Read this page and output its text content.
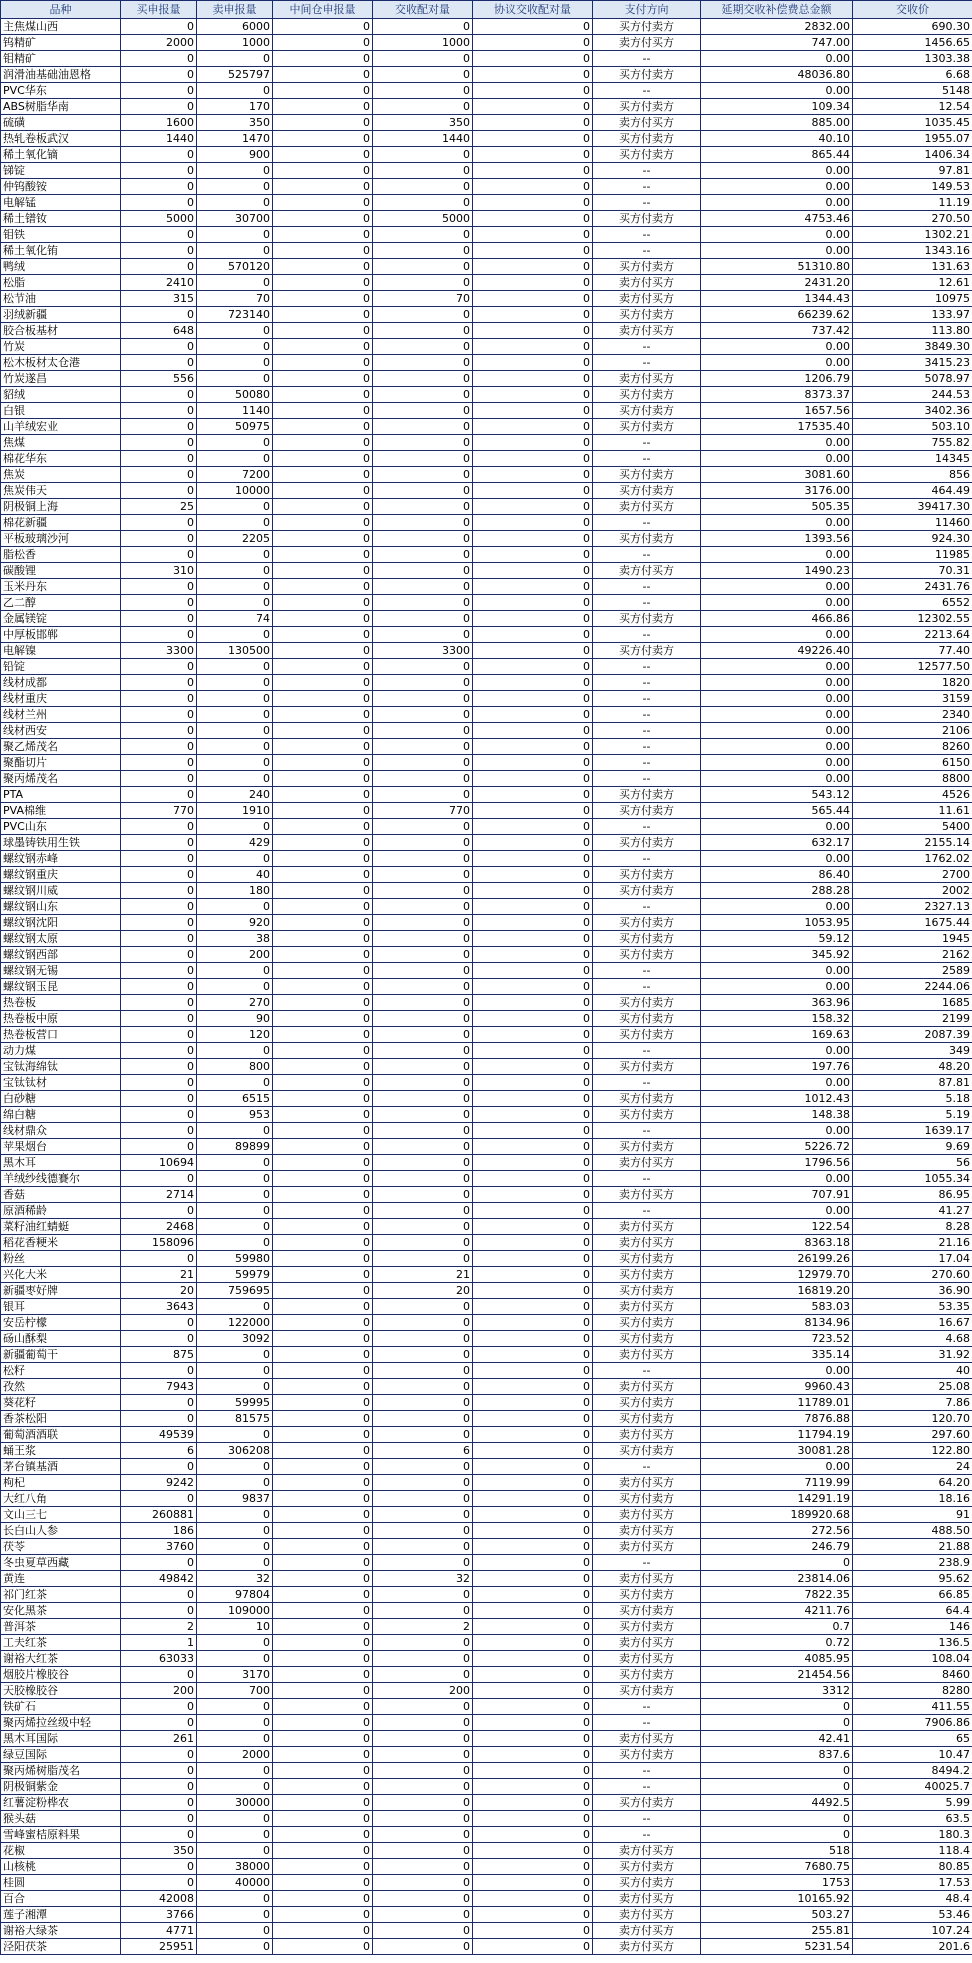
品种	买申报量	卖申报量	中间仓申报量	交收配对量	协议交收配对量	支付方向	延期交收补偿费总金额	交收价
主焦煤山西	0	6000	0	0	0	买方付卖方	2832.00	690.30
钨精矿	2000	1000	0	1000	0	卖方付买方	747.00	1456.65
钼精矿	0	0	0	0	0	--	0.00	1303.38
润滑油基础油恩格	0	525797	0	0	0	买方付卖方	48036.80	6.68
PVC华东	0	0	0	0	0	--	0.00	5148
ABS树脂华南	0	170	0	0	0	买方付卖方	109.34	12.54
硫磺	1600	350	0	350	0	卖方付买方	885.00	1035.45
热轧卷板武汉	1440	1470	0	1440	0	买方付卖方	40.10	1955.07
稀土氧化镝	0	900	0	0	0	买方付卖方	865.44	1406.34
锑锭	0	0	0	0	0	--	0.00	97.81
仲钨酸铵	0	0	0	0	0	--	0.00	149.53
电解锰	0	0	0	0	0	--	0.00	11.19
稀土镨钕	5000	30700	0	5000	0	买方付卖方	4753.46	270.50
钼铁	0	0	0	0	0	--	0.00	1302.21
稀土氧化铕	0	0	0	0	0	--	0.00	1343.16
鸭绒	0	570120	0	0	0	买方付卖方	51310.80	131.63
松脂	2410	0	0	0	0	卖方付买方	2431.20	12.61
松节油	315	70	0	70	0	卖方付买方	1344.43	10975
羽绒新疆	0	723140	0	0	0	买方付卖方	66239.62	133.97
胶合板基材	648	0	0	0	0	卖方付买方	737.42	113.80
竹炭	0	0	0	0	0	--	0.00	3849.30
松木板材太仓港	0	0	0	0	0	--	0.00	3415.23
竹炭遂昌	556	0	0	0	0	卖方付买方	1206.79	5078.97
貂绒	0	50080	0	0	0	买方付卖方	8373.37	244.53
白银	0	1140	0	0	0	买方付卖方	1657.56	3402.36
山羊绒宏业	0	50975	0	0	0	买方付卖方	17535.40	503.10
焦煤	0	0	0	0	0	--	0.00	755.82
棉花华东	0	0	0	0	0	--	0.00	14345
焦炭	0	7200	0	0	0	买方付卖方	3081.60	856
焦炭伟天	0	10000	0	0	0	买方付卖方	3176.00	464.49
阴极铜上海	25	0	0	0	0	卖方付买方	505.35	39417.30
棉花新疆	0	0	0	0	0	--	0.00	11460
平板玻璃沙河	0	2205	0	0	0	买方付卖方	1393.56	924.30
脂松香	0	0	0	0	0	--	0.00	11985
碳酸锂	310	0	0	0	0	卖方付买方	1490.23	70.31
玉米丹东	0	0	0	0	0	--	0.00	2431.76
乙二醇	0	0	0	0	0	--	0.00	6552
金属镁锭	0	74	0	0	0	买方付卖方	466.86	12302.55
中厚板邯郸	0	0	0	0	0	--	0.00	2213.64
电解镍	3300	130500	0	3300	0	买方付卖方	49226.40	77.40
铅锭	0	0	0	0	0	--	0.00	12577.50
线材成都	0	0	0	0	0	--	0.00	1820
线材重庆	0	0	0	0	0	--	0.00	3159
线材兰州	0	0	0	0	0	--	0.00	2340
线材西安	0	0	0	0	0	--	0.00	2106
聚乙烯茂名	0	0	0	0	0	--	0.00	8260
聚酯切片	0	0	0	0	0	--	0.00	6150
聚丙烯茂名	0	0	0	0	0	--	0.00	8800
PTA	0	240	0	0	0	买方付卖方	543.12	4526
PVA棉维	770	1910	0	770	0	买方付卖方	565.44	11.61
PVC山东	0	0	0	0	0	--	0.00	5400
球墨铸铁用生铁	0	429	0	0	0	买方付卖方	632.17	2155.14
螺纹钢赤峰	0	0	0	0	0	--	0.00	1762.02
螺纹钢重庆	0	40	0	0	0	买方付卖方	86.40	2700
螺纹钢川威	0	180	0	0	0	买方付卖方	288.28	2002
螺纹钢山东	0	0	0	0	0	--	0.00	2327.13
螺纹钢沈阳	0	920	0	0	0	买方付卖方	1053.95	1675.44
螺纹钢太原	0	38	0	0	0	买方付卖方	59.12	1945
螺纹钢西部	0	200	0	0	0	买方付卖方	345.92	2162
螺纹钢无锡	0	0	0	0	0	--	0.00	2589
螺纹钢玉昆	0	0	0	0	0	--	0.00	2244.06
热卷板	0	270	0	0	0	买方付卖方	363.96	1685
热卷板中原	0	90	0	0	0	买方付卖方	158.32	2199
热卷板营口	0	120	0	0	0	买方付卖方	169.63	2087.39
动力煤	0	0	0	0	0	--	0.00	349
宝钛海绵钛	0	800	0	0	0	买方付卖方	197.76	48.20
宝钛钛材	0	0	0	0	0	--	0.00	87.81
白砂糖	0	6515	0	0	0	买方付卖方	1012.43	5.18
绵白糖	0	953	0	0	0	买方付卖方	148.38	5.19
线材鼎众	0	0	0	0	0	--	0.00	1639.17
苹果烟台	0	89899	0	0	0	买方付卖方	5226.72	9.69
黑木耳	10694	0	0	0	0	卖方付买方	1796.56	56
羊绒纱线德賽尔	0	0	0	0	0	--	0.00	1055.34
香菇	2714	0	0	0	0	卖方付买方	707.91	86.95
原酒稀龄	0	0	0	0	0	--	0.00	41.27
菜籽油红蜻蜓	2468	0	0	0	0	卖方付买方	122.54	8.28
稻花香粳米	158096	0	0	0	0	卖方付买方	8363.18	21.16
粉丝	0	59980	0	0	0	买方付卖方	26199.26	17.04
兴化大米	21	59979	0	21	0	买方付卖方	12979.70	270.60
新疆枣好牌	20	759695	0	20	0	买方付卖方	16819.20	36.90
银耳	3643	0	0	0	0	卖方付买方	583.03	53.35
安岳柠檬	0	122000	0	0	0	买方付卖方	8134.96	16.67
砀山酥梨	0	3092	0	0	0	买方付卖方	723.52	4.68
新疆葡萄干	875	0	0	0	0	卖方付买方	335.14	31.92
松籽	0	0	0	0	0	--	0.00	40
孜然	7943	0	0	0	0	卖方付买方	9960.43	25.08
葵花籽	0	59995	0	0	0	买方付卖方	11789.01	7.86
香茶松阳	0	81575	0	0	0	买方付卖方	7876.88	120.70
葡萄酒酒联	49539	0	0	0	0	卖方付买方	11794.19	297.60
蛹王浆	6	306208	0	6	0	买方付卖方	30081.28	122.80
茅台镇基酒	0	0	0	0	0	--	0.00	24
枸杞	9242	0	0	0	0	卖方付买方	7119.99	64.20
大红八角	0	9837	0	0	0	买方付卖方	14291.19	18.16
文山三七	260881	0	0	0	0	卖方付买方	189920.68	91
长白山人参	186	0	0	0	0	卖方付买方	272.56	488.50
茯苓	3760	0	0	0	0	卖方付买方	246.79	21.88
冬虫夏草西藏	0	0	0	0	0	--	0	238.9
黄连	49842	32	0	32	0	卖方付买方	23814.06	95.62
祁门红茶	0	97804	0	0	0	买方付卖方	7822.35	66.85
安化黑茶	0	109000	0	0	0	买方付卖方	4211.76	64.4
普洱茶	2	10	0	2	0	买方付卖方	0.7	146
工夫红茶	1	0	0	0	0	卖方付买方	0.72	136.5
谢裕大红茶	63033	0	0	0	0	卖方付买方	4085.95	108.04
烟胶片橡胶谷	0	3170	0	0	0	买方付卖方	21454.56	8460
天胶橡胶谷	200	700	0	200	0	买方付卖方	3312	8280
铁矿石	0	0	0	0	0	--	0	411.55
聚丙烯拉丝级中轻	0	0	0	0	0	--	0	7906.86
黑木耳国际	261	0	0	0	0	卖方付买方	42.41	65
绿豆国际	0	2000	0	0	0	买方付卖方	837.6	10.47
聚丙烯树脂茂名	0	0	0	0	0	--	0	8494.2
阴极铜紫金	0	0	0	0	0	--	0	40025.7
红薯淀粉桦农	0	30000	0	0	0	买方付卖方	4492.5	5.99
猴头菇	0	0	0	0	0	--	0	63.5
雪峰蜜桔原料果	0	0	0	0	0	--	0	180.3
花椒	350	0	0	0	0	卖方付买方	518	118.4
山核桃	0	38000	0	0	0	买方付卖方	7680.75	80.85
桂圆	0	40000	0	0	0	买方付卖方	1753	17.53
百合	42008	0	0	0	0	卖方付买方	10165.92	48.4
莲子湘潭	3766	0	0	0	0	卖方付买方	503.27	53.46
谢裕大绿茶	4771	0	0	0	0	卖方付买方	255.81	107.24
泾阳茯茶	25951	0	0	0	0	卖方付买方	5231.54	201.6
